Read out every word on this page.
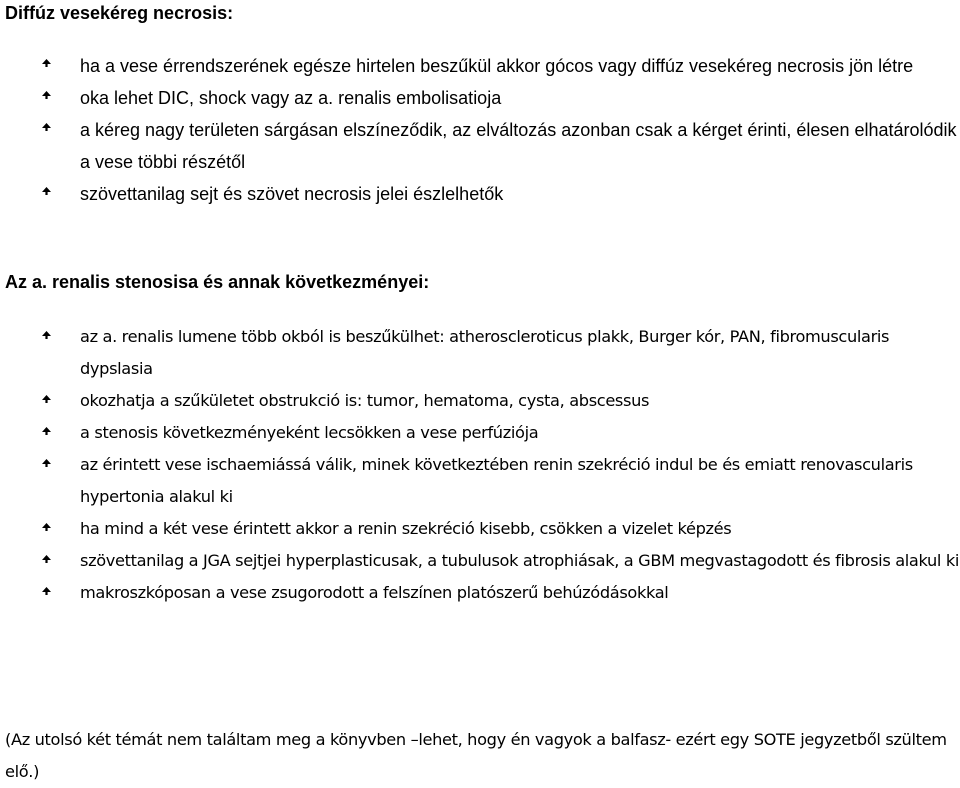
Diffúz vesekéreg necrosis:
ha a vese érrendszerének egésze hirtelen beszűkül akkor gócos vagy diffúz vesekéreg necrosis jön létre
oka lehet DIC, shock vagy az a. renalis embolisatioja
a kéreg nagy területen sárgásan elszíneződik, az elváltozás azonban csak a kérget érinti, élesen elhatárolódik a vese többi részétől
szövettanilag sejt és szövet necrosis jelei észlelhetők
Az a. renalis stenosisa és annak következményei:
az a. renalis lumene több okból is beszűkülhet: atheroscleroticus plakk, Burger kór, PAN, fibromuscularis dypslasia
okozhatja a szűkületet obstrukció is: tumor, hematoma, cysta, abscessus
a stenosis következményeként lecsökken a vese perfúziója
az érintett vese ischaemiássá válik, minek következtében renin szekréció indul be és emiatt renovascularis hypertonia alakul ki
ha mind a két vese érintett akkor a renin szekréció kisebb, csökken a vizelet képzés
szövettanilag a JGA sejtjei hyperplasticusak, a tubulusok atrophiásak, a GBM megvastagodott és fibrosis alakul ki
makroszkóposan a vese zsugorodott a felszínen platószerű behúzódásokkal

(Az utolsó két témát nem találtam meg a könyvben –lehet, hogy én vagyok a balfasz- ezért egy SOTE jegyzetből szültem elő.)
